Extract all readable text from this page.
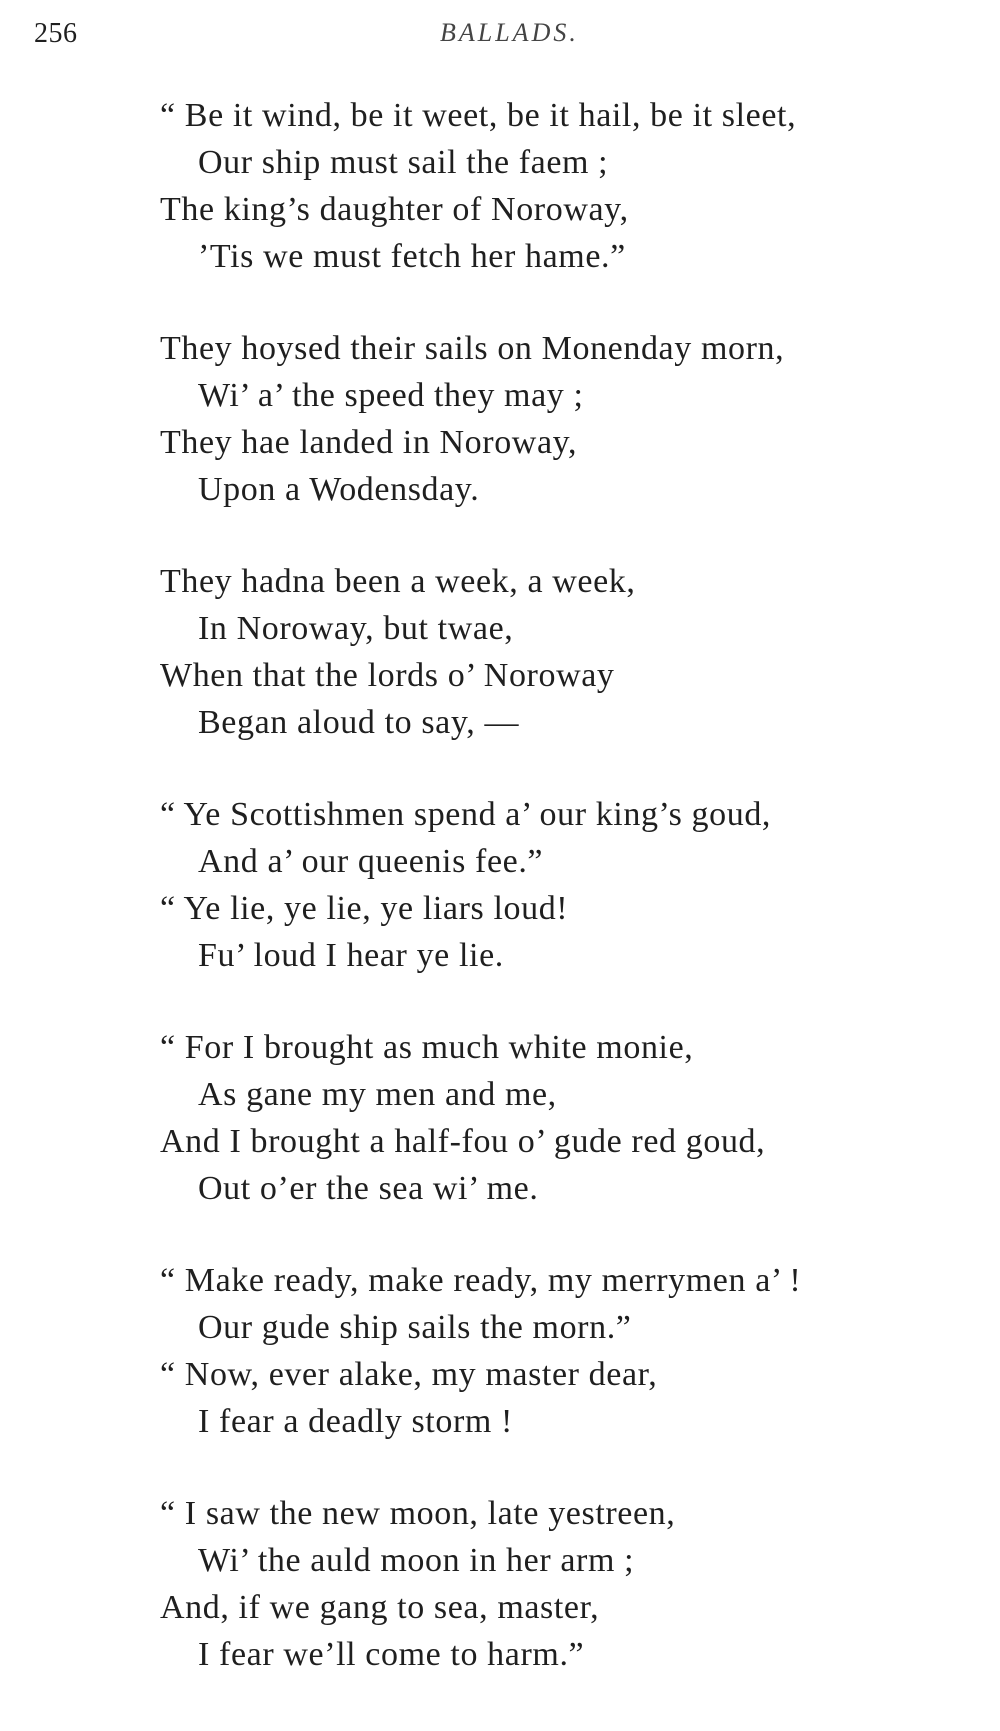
256	BALLADS.
“ Be it wind, be it weet, be it hail, be it sleet,
Our ship must sail the faem ;
The king’s daughter of Noroway,
’Tis we must fetch her hame.”
They hoysed their sails on Monenday morn,
Wi’ a’ the speed they may ;
They hae landed in Noroway,
Upon a Wodensday.
They hadna been a week, a week,
In Noroway, but twae,
When that the lords o’ Noroway
Began aloud to say, —
“ Ye Scottishmen spend a’ our king’s goud,
And a’ our queenis fee.”
“ Ye lie, ye lie, ye liars loud!
Fu’ loud I hear ye lie.
“ For I brought as much white monie,
As gane my men and me,
And I brought a half-fou o’ gude red goud,
Out o’er the sea wi’ me.
“ Make ready, make ready, my merrymen a’ !
Our gude ship sails the morn.”
“ Now, ever alake, my master dear,
I fear a deadly storm !
“ I saw the new moon, late yestreen,
Wi’ the auld moon in her arm ;
And, if we gang to sea, master,
I fear we’ll come to harm.”
